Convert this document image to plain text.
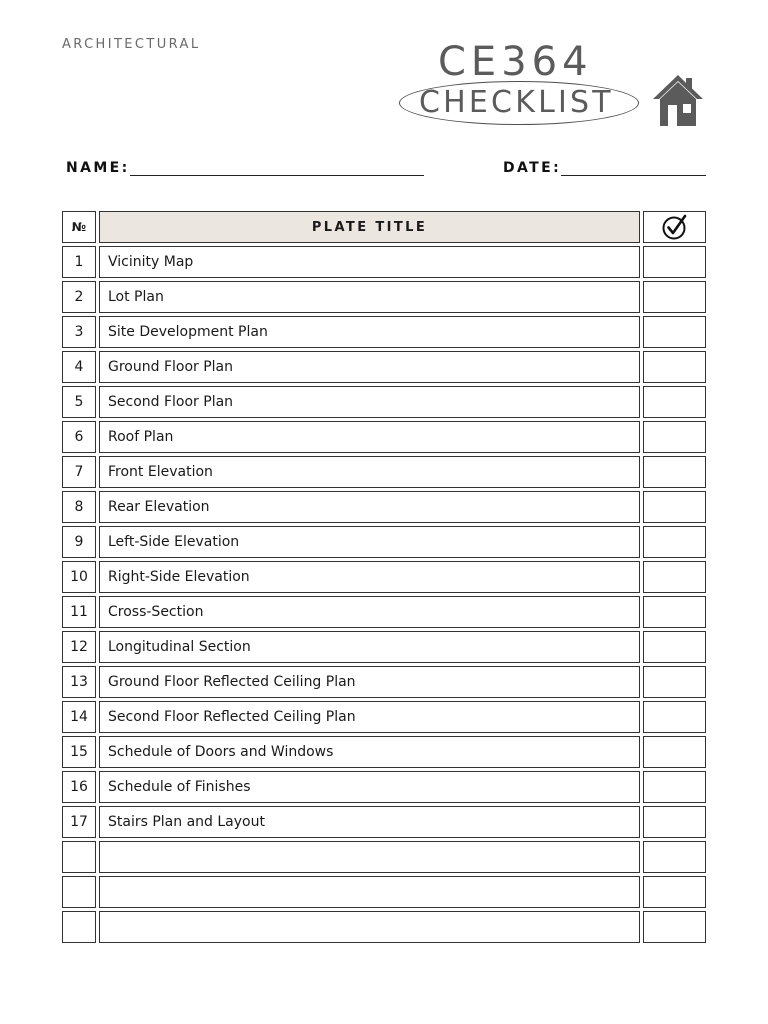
ARCHITECTURAL	CE364
CHECKLIST
NAME:	DATE:
№	PLATE TITLE
1	Vicinity Map
2	Lot Plan
3	Site Development Plan
4	Ground Floor Plan
5	Second Floor Plan
6	Roof Plan
7	Front Elevation
8	Rear Elevation
9	Left-Side Elevation
10	Right-Side Elevation
11	Cross-Section
12	Longitudinal Section
13	Ground Floor Reflected Ceiling Plan
14	Second Floor Reflected Ceiling Plan
15	Schedule of Doors and Windows
16	Schedule of Finishes
17	Stairs Plan and Layout
